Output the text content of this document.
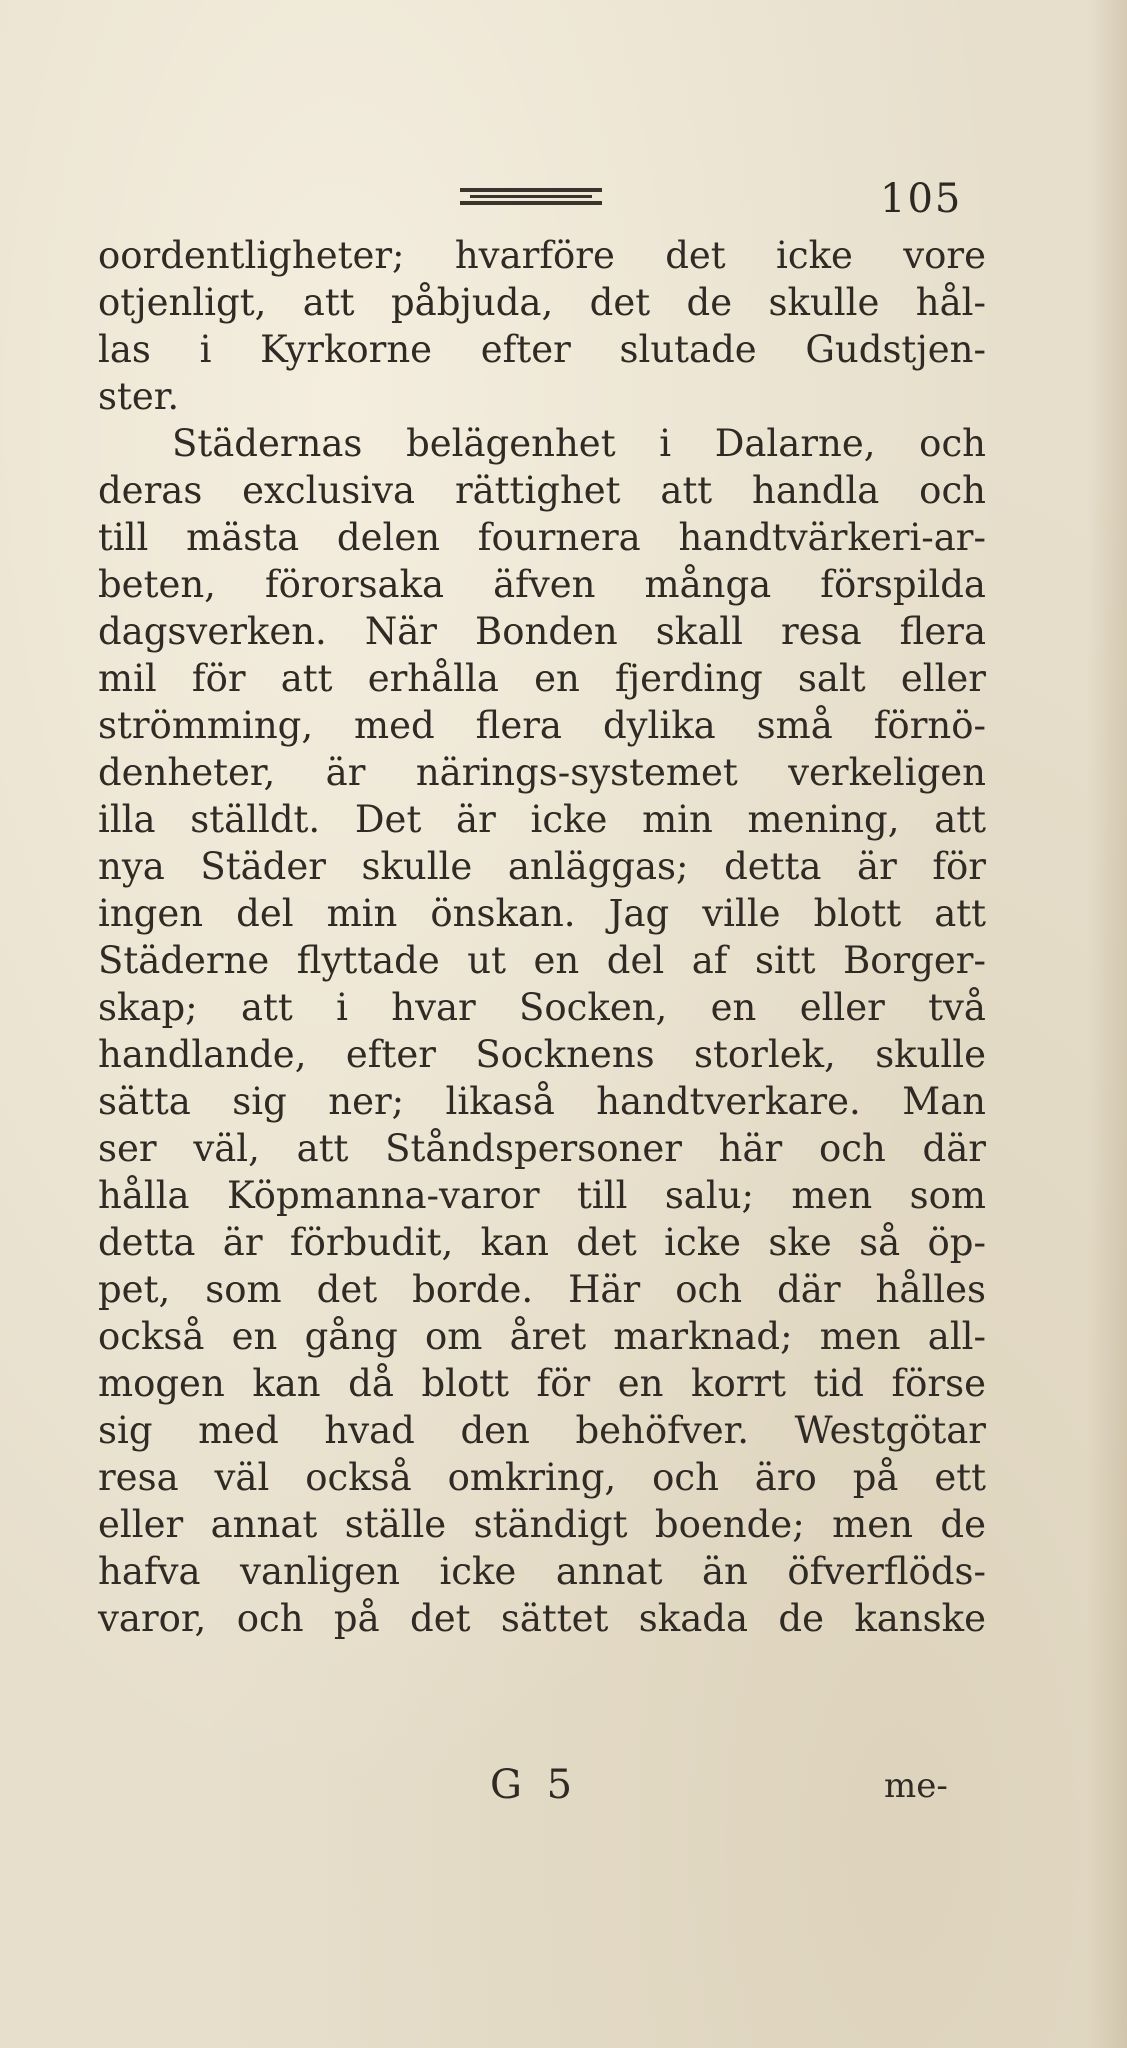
105
oordentligheter; hvarföre det icke vore
otjenligt, att påbjuda, det de skulle hål-
las i Kyrkorne efter slutade Gudstjen-
ster.
Städernas belägenhet i Dalarne, och
deras exclusiva rättighet att handla och
till mästa delen fournera handtvärkeri-ar-
beten, förorsaka äfven många förspilda
dagsverken. När Bonden skall resa flera
mil för att erhålla en fjerding salt eller
strömming, med flera dylika små förnö-
denheter, är närings-systemet verkeligen
illa ställdt. Det är icke min mening, att
nya Städer skulle anläggas; detta är för
ingen del min önskan. Jag ville blott att
Städerne flyttade ut en del af sitt Borger-
skap; att i hvar Socken, en eller två
handlande, efter Socknens storlek, skulle
sätta sig ner; likaså handtverkare. Man
ser väl, att Ståndspersoner här och där
hålla Köpmanna-varor till salu; men som
detta är förbudit, kan det icke ske så öp-
pet, som det borde. Här och där hålles
också en gång om året marknad; men all-
mogen kan då blott för en korrt tid förse
sig med hvad den behöfver. Westgötar
resa väl också omkring, och äro på ett
eller annat ställe ständigt boende; men de
hafva vanligen icke annat än öfverflöds-
varor, och på det sättet skada de kanske
G 5	me-
